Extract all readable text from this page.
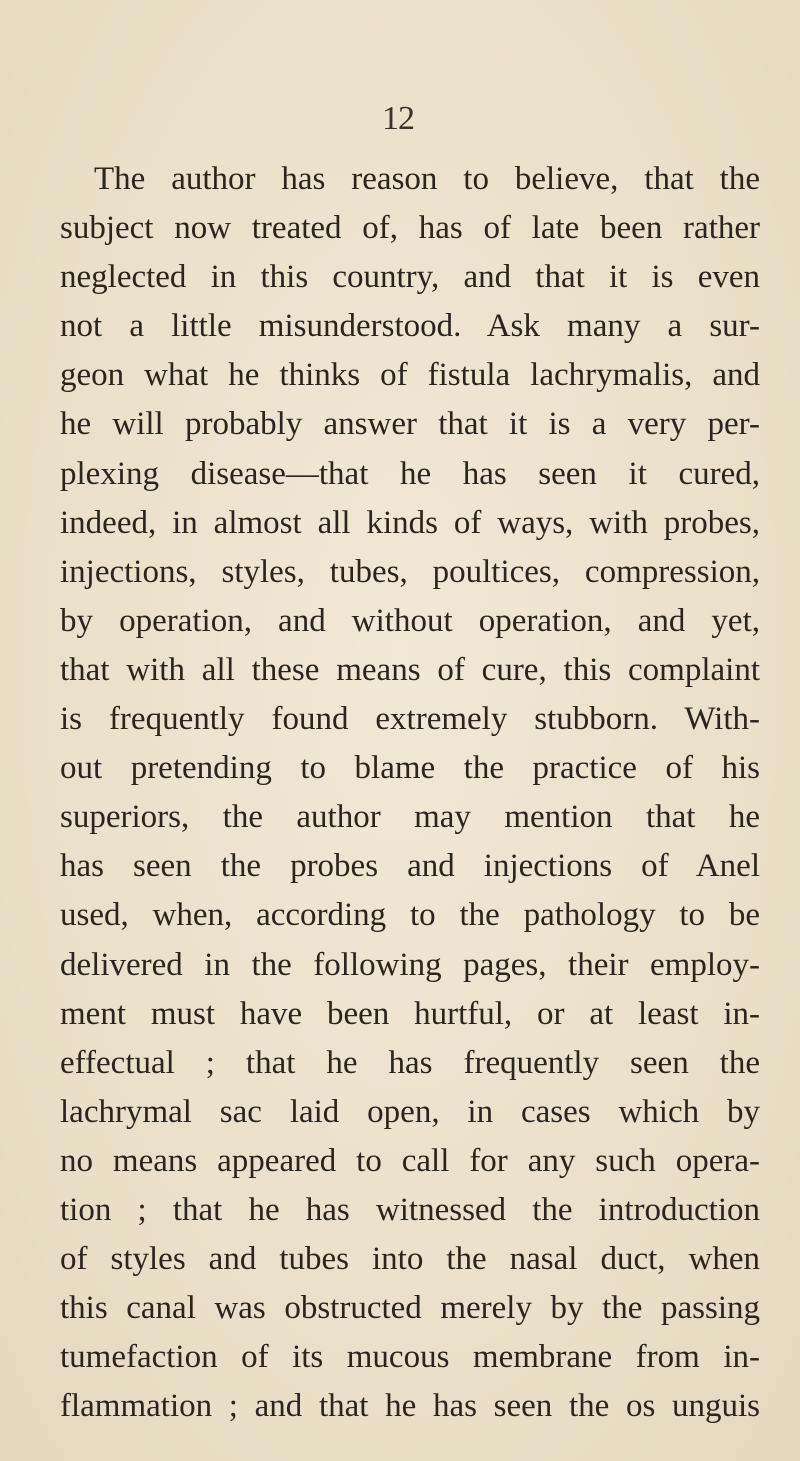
12
The author has reason to believe, that the
subject now treated of, has of late been rather
neglected in this country, and that it is even
not a little misunderstood. Ask many a sur-
geon what he thinks of fistula lachrymalis, and
he will probably answer that it is a very per-
plexing disease—that he has seen it cured,
indeed, in almost all kinds of ways, with probes,
injections, styles, tubes, poultices, compression,
by operation, and without operation, and yet,
that with all these means of cure, this complaint
is frequently found extremely stubborn. With-
out pretending to blame the practice of his
superiors, the author may mention that he
has seen the probes and injections of Anel
used, when, according to the pathology to be
delivered in the following pages, their employ-
ment must have been hurtful, or at least in-
effectual ; that he has frequently seen the
lachrymal sac laid open, in cases which by
no means appeared to call for any such opera-
tion ; that he has witnessed the introduction
of styles and tubes into the nasal duct, when
this canal was obstructed merely by the passing
tumefaction of its mucous membrane from in-
flammation ; and that he has seen the os unguis
